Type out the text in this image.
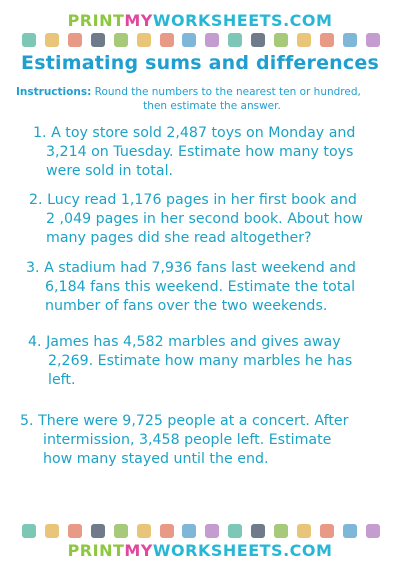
PRINTMYWORKSHEETS.COM
Estimating sums and differences
Instructions: Round the numbers to the nearest ten or hundred,
then estimate the answer.
1. A toy store sold 2,487 toys on Monday and
3,214 on Tuesday. Estimate how many toys
were sold in total.
2. Lucy read 1,176 pages in her first book and
2 ,049 pages in her second book. About how
many pages did she read altogether?
3. A stadium had 7,936 fans last weekend and
6,184 fans this weekend. Estimate the total
number of fans over the two weekends.
4. James has 4,582 marbles and gives away
2,269. Estimate how many marbles he has
left.
5. There were 9,725 people at a concert. After
intermission, 3,458 people left. Estimate
how many stayed until the end.
PRINTMYWORKSHEETS.COM
